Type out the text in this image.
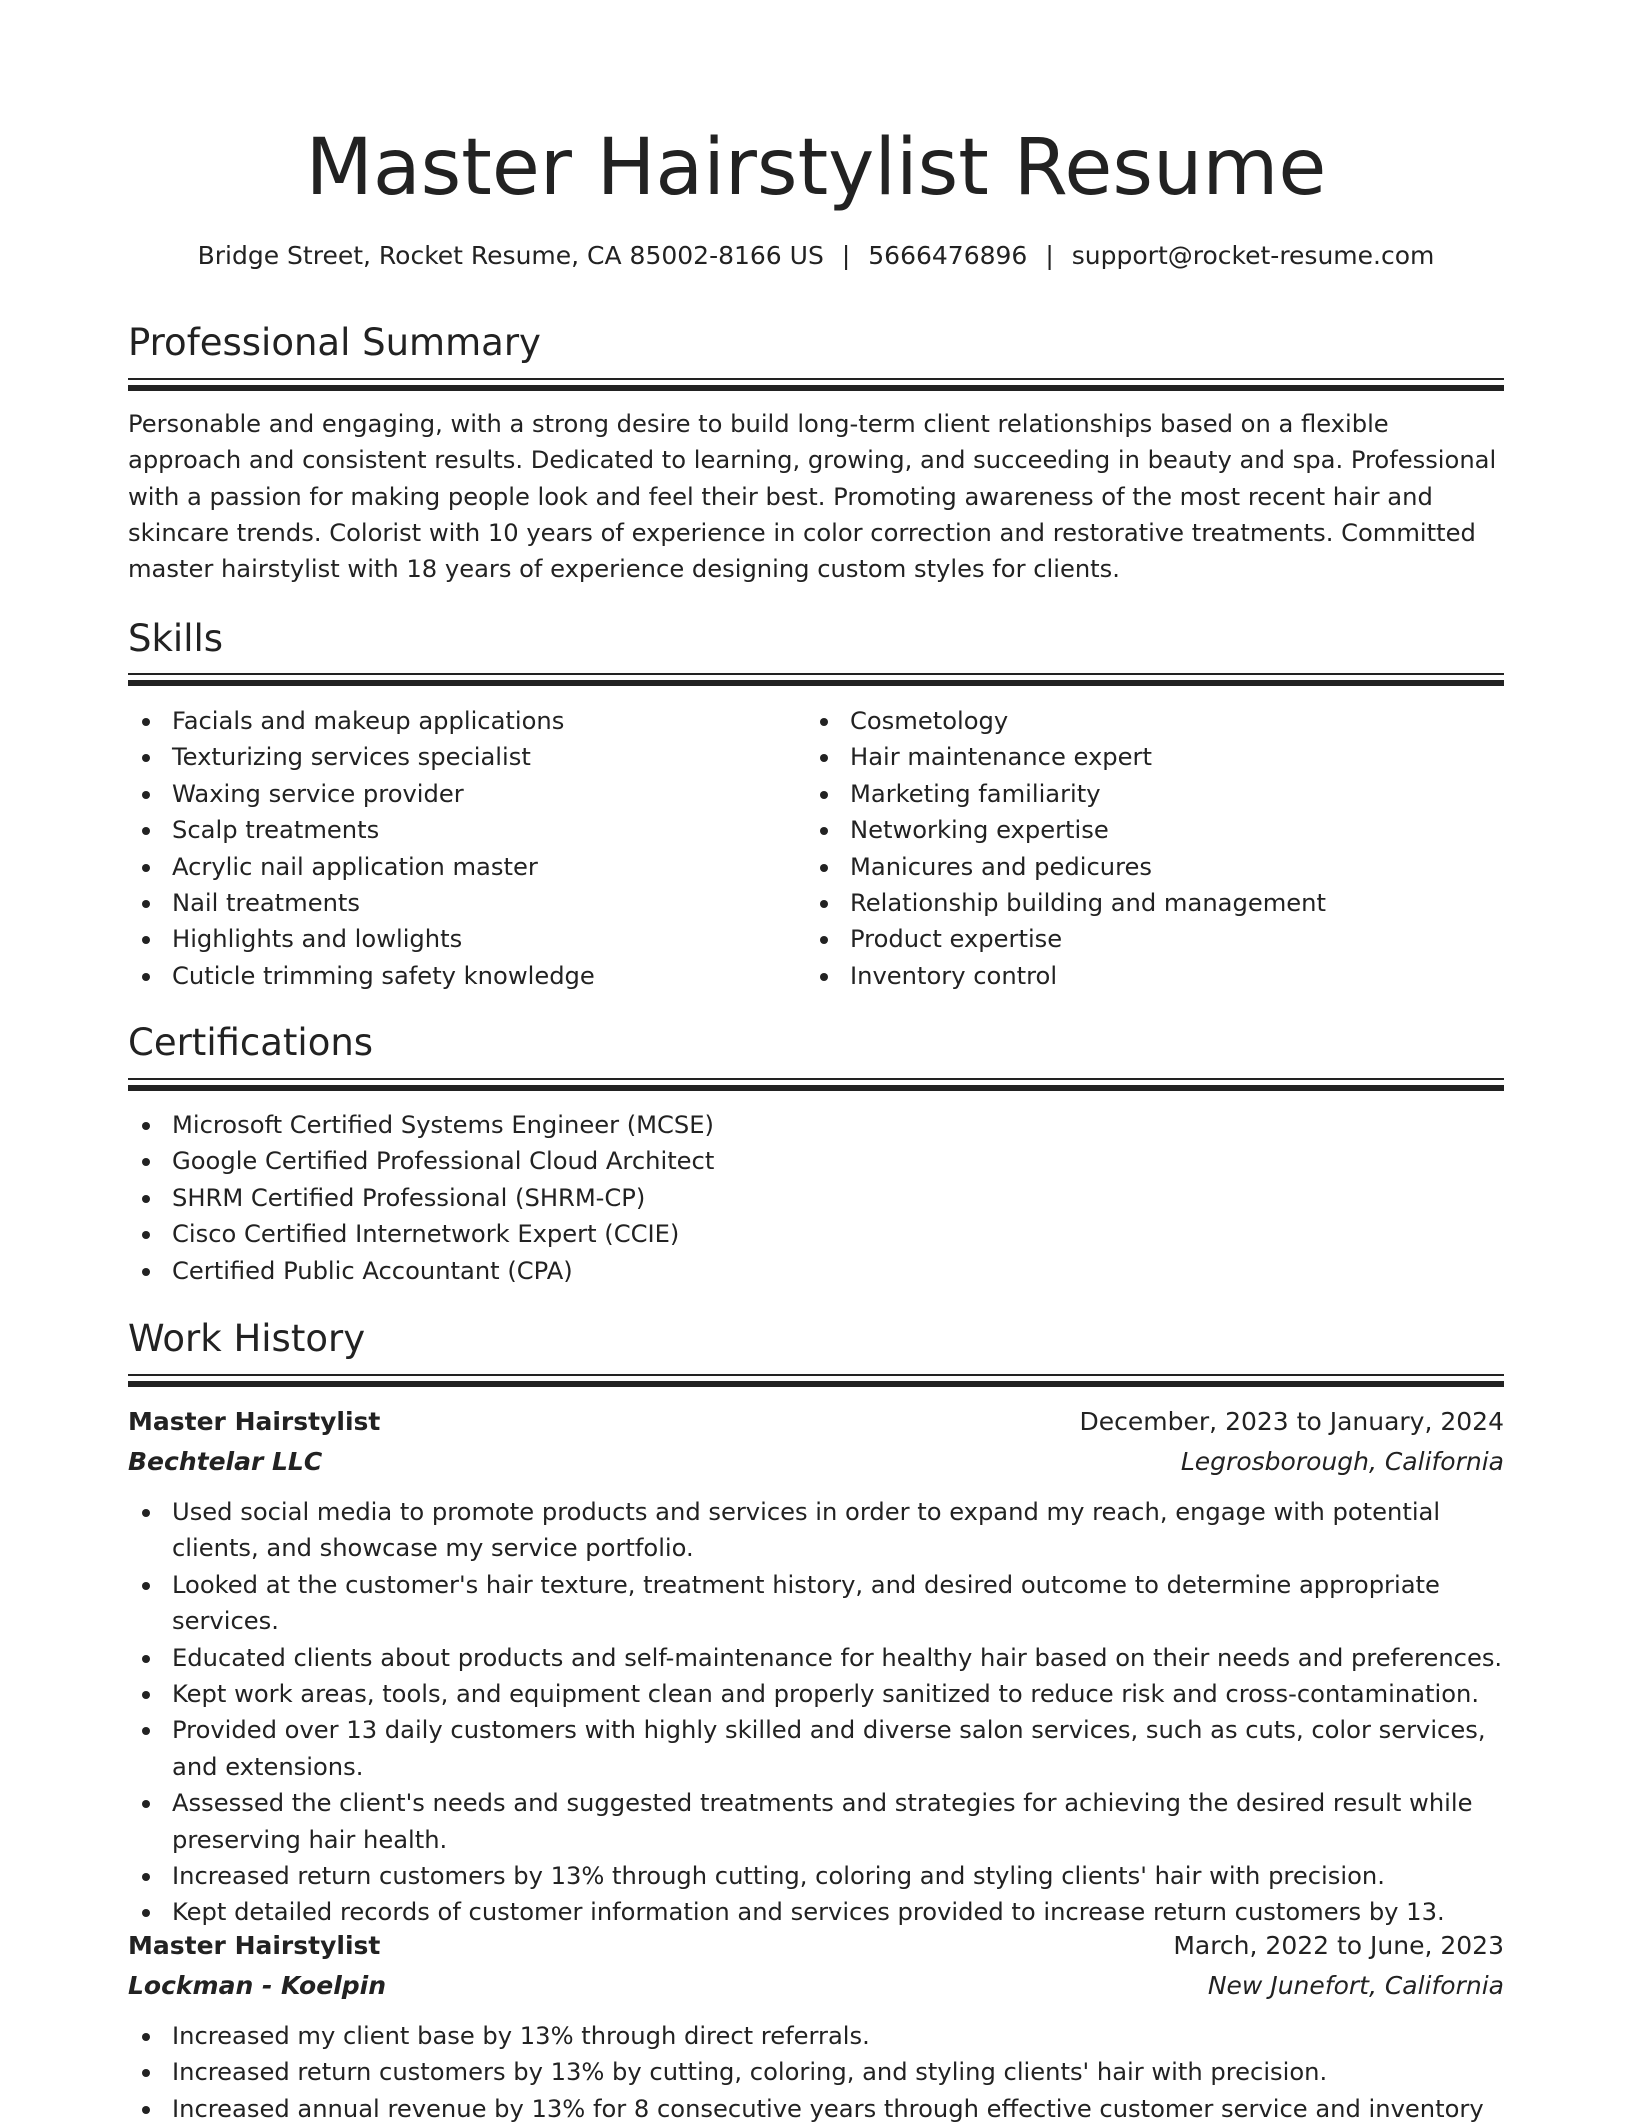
Master Hairstylist Resume
Bridge Street, Rocket Resume, CA 85002-8166 US | 5666476896 | support@rocket-resume.com
Professional Summary

Personable and engaging, with a strong desire to build long-term client relationships based on a flexible approach and consistent results. Dedicated to learning, growing, and succeeding in beauty and spa. Professional with a passion for making people look and feel their best. Promoting awareness of the most recent hair and skincare trends. Colorist with 10 years of experience in color correction and restorative treatments. Committed master hairstylist with 18 years of experience designing custom styles for clients.

Skills
Facials and makeup applications
Texturizing services specialist
Waxing service provider
Scalp treatments
Acrylic nail application master
Nail treatments
Highlights and lowlights
Cuticle trimming safety knowledge
Cosmetology
Hair maintenance expert
Marketing familiarity
Networking expertise
Manicures and pedicures
Relationship building and management
Product expertise
Inventory control
Certifications
Microsoft Certified Systems Engineer (MCSE)
Google Certified Professional Cloud Architect
SHRM Certified Professional (SHRM-CP)
Cisco Certified Internetwork Expert (CCIE)
Certified Public Accountant (CPA)
Work History
Master Hairstylist	December, 2023 to January, 2024
Bechtelar LLC	Legrosborough, California
Used social media to promote products and services in order to expand my reach, engage with potential clients, and showcase my service portfolio.
Looked at the customer's hair texture, treatment history, and desired outcome to determine appropriate services.
Educated clients about products and self-maintenance for healthy hair based on their needs and preferences.
Kept work areas, tools, and equipment clean and properly sanitized to reduce risk and cross-contamination.
Provided over 13 daily customers with highly skilled and diverse salon services, such as cuts, color services, and extensions.
Assessed the client's needs and suggested treatments and strategies for achieving the desired result while preserving hair health.
Increased return customers by 13% through cutting, coloring and styling clients' hair with precision.
Kept detailed records of customer information and services provided to increase return customers by 13.
Master Hairstylist	March, 2022 to June, 2023
Lockman - Koelpin	New Junefort, California
Increased my client base by 13% through direct referrals.
Increased return customers by 13% by cutting, coloring, and styling clients' hair with precision.
Increased annual revenue by 13% for 8 consecutive years through effective customer service and inventory
